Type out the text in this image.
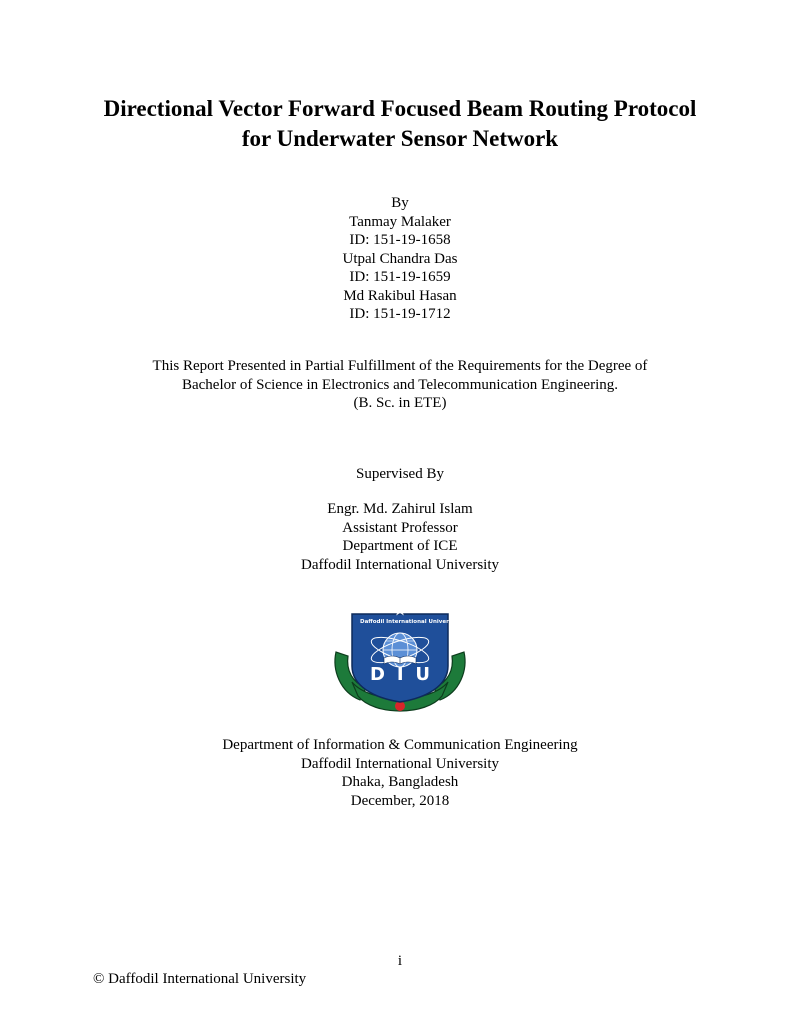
Directional Vector Forward Focused Beam Routing Protocol
for Underwater Sensor Network
By
Tanmay Malaker
ID: 151-19-1658
Utpal Chandra Das
ID: 151-19-1659
Md Rakibul Hasan
ID: 151-19-1712
This Report Presented in Partial Fulfillment of the Requirements for the Degree of
Bachelor of Science in Electronics and Telecommunication Engineering.
(B. Sc. in ETE)
Supervised By
Engr. Md. Zahirul Islam
Assistant Professor
Department of ICE
Daffodil International University
Daffodil International University
D I U
Department of Information & Communication Engineering
Daffodil International University
Dhaka, Bangladesh
December, 2018
i
© Daffodil International University
